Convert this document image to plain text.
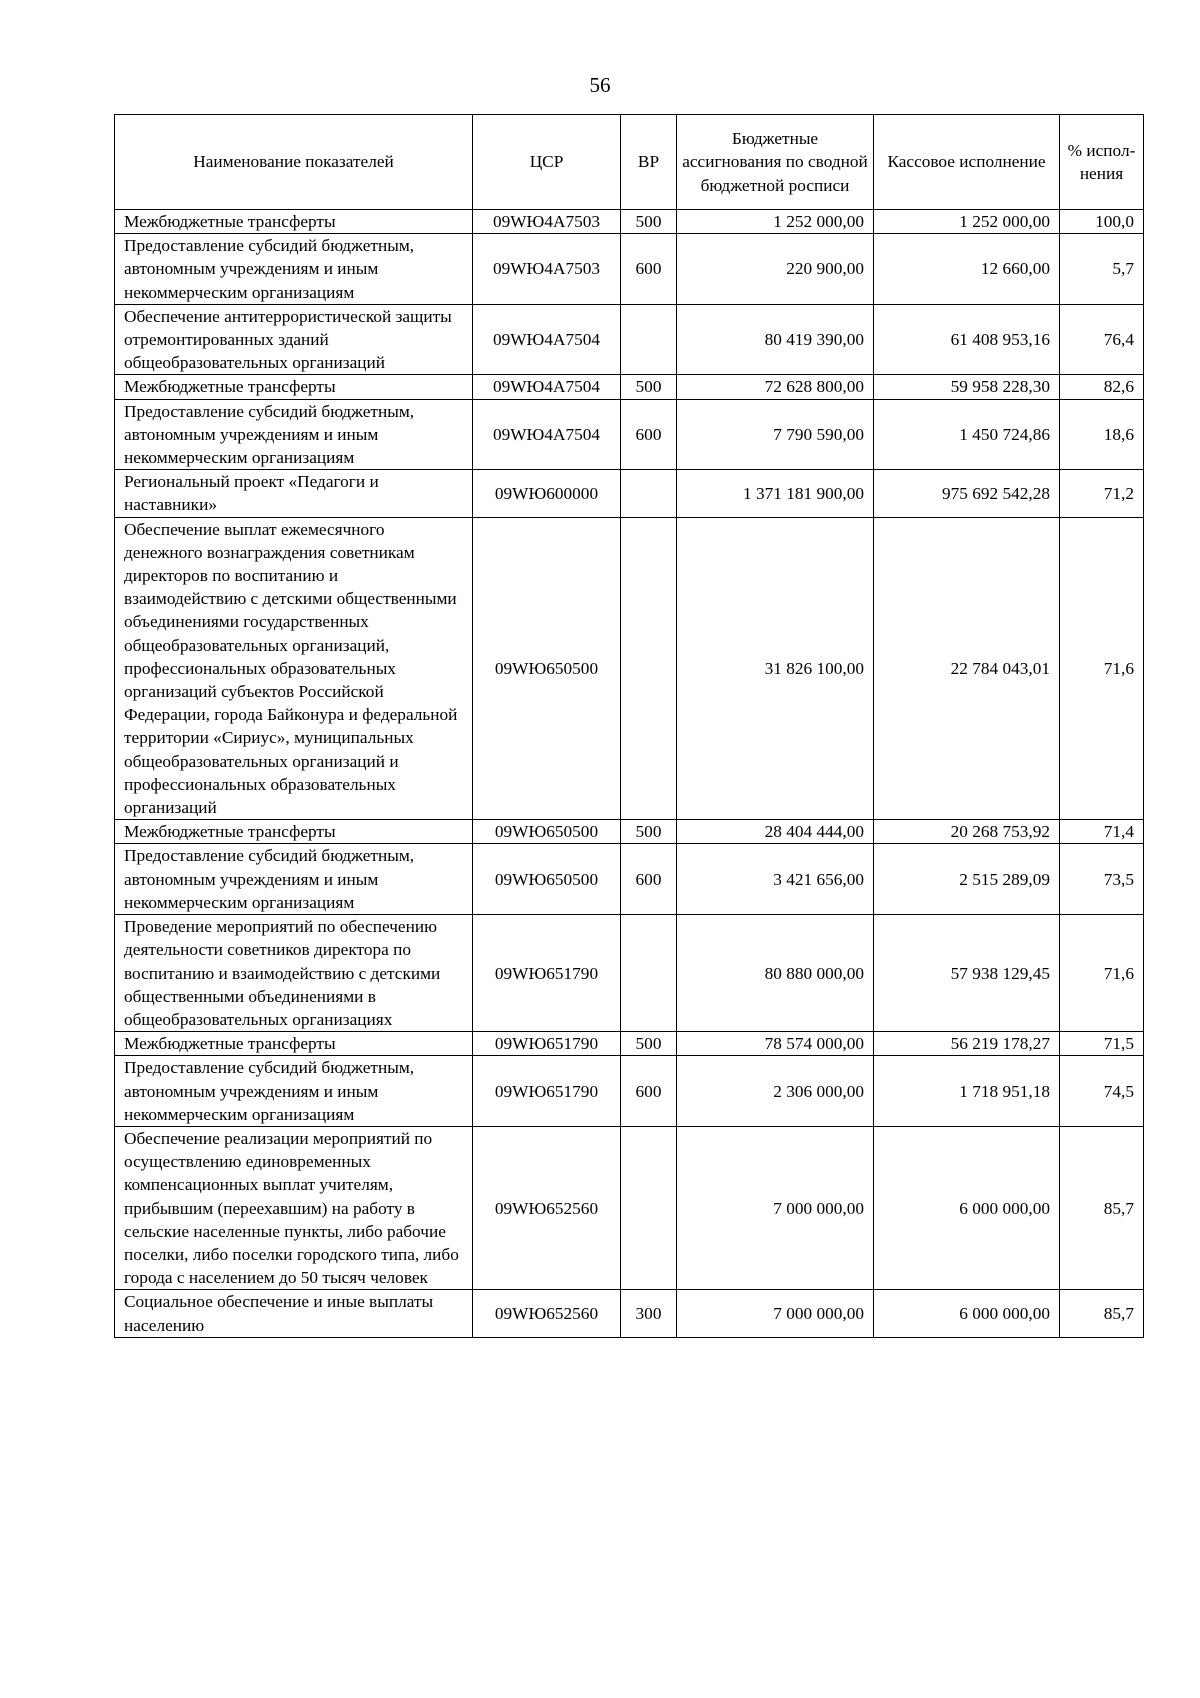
56
Наименование показателей	ЦСР	ВР	Бюджетные ассигнования по сводной бюджетной росписи	Кассовое исполнение	% испол-нения
Межбюджетные трансферты	09WЮ4А7503	500	1 252 000,00	1 252 000,00	100,0
Предоставление субсидий бюджетным, автономным учреждениям и иным некоммерческим организациям	09WЮ4А7503	600	220 900,00	12 660,00	5,7
Обеспечение антитеррористической защиты отремонтированных зданий общеобразовательных организаций	09WЮ4А7504		80 419 390,00	61 408 953,16	76,4
Межбюджетные трансферты	09WЮ4А7504	500	72 628 800,00	59 958 228,30	82,6
Предоставление субсидий бюджетным, автономным учреждениям и иным некоммерческим организациям	09WЮ4А7504	600	7 790 590,00	1 450 724,86	18,6
Региональный проект «Педагоги и наставники»	09WЮ600000		1 371 181 900,00	975 692 542,28	71,2
Обеспечение выплат ежемесячного денежного вознаграждения советникам директоров по воспитанию и взаимодействию с детскими общественными объединениями государственных общеобразовательных организаций, профессиональных образовательных организаций субъектов Российской Федерации, города Байконура и федеральной территории «Сириус», муниципальных общеобразовательных организаций и профессиональных образовательных организаций	09WЮ650500		31 826 100,00	22 784 043,01	71,6
Межбюджетные трансферты	09WЮ650500	500	28 404 444,00	20 268 753,92	71,4
Предоставление субсидий бюджетным, автономным учреждениям и иным некоммерческим организациям	09WЮ650500	600	3 421 656,00	2 515 289,09	73,5
Проведение мероприятий по обеспечению деятельности советников директора по воспитанию и взаимодействию с детскими общественными объединениями в общеобразовательных организациях	09WЮ651790		80 880 000,00	57 938 129,45	71,6
Межбюджетные трансферты	09WЮ651790	500	78 574 000,00	56 219 178,27	71,5
Предоставление субсидий бюджетным, автономным учреждениям и иным некоммерческим организациям	09WЮ651790	600	2 306 000,00	1 718 951,18	74,5
Обеспечение реализации мероприятий по осуществлению единовременных компенсационных выплат учителям, прибывшим (переехавшим) на работу в сельские населенные пункты, либо рабочие поселки, либо поселки городского типа, либо города с населением до 50 тысяч человек	09WЮ652560		7 000 000,00	6 000 000,00	85,7
Социальное обеспечение и иные выплаты населению	09WЮ652560	300	7 000 000,00	6 000 000,00	85,7
